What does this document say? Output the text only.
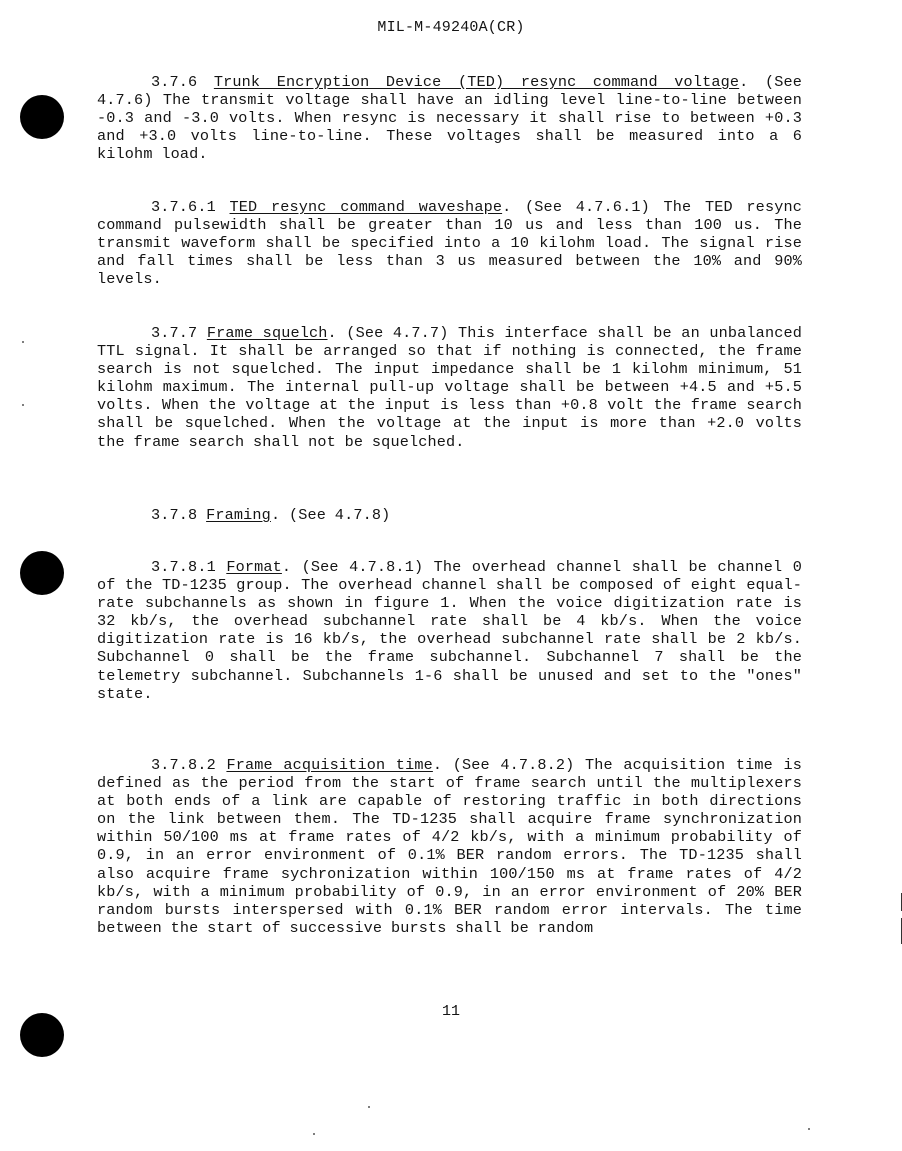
MIL-M-49240A(CR)

3.7.6 Trunk Encryption Device (TED) resync command voltage. (See 4.7.6) The transmit voltage shall have an idling level line-to-line between -0.3 and -3.0 volts. When resync is necessary it shall rise to between +0.3 and +3.0 volts line-to-line. These voltages shall be measured into a 6 kilohm load.

3.7.6.1 TED resync command waveshape. (See 4.7.6.1) The TED resync command pulsewidth shall be greater than 10 us and less than 100 us. The transmit waveform shall be specified into a 10 kilohm load. The signal rise and fall times shall be less than 3 us measured between the 10% and 90% levels.

3.7.7 Frame squelch. (See 4.7.7) This interface shall be an unbalanced TTL signal. It shall be arranged so that if nothing is connected, the frame search is not squelched. The input impedance shall be 1 kilohm minimum, 51 kilohm maximum. The internal pull-up voltage shall be between +4.5 and +5.5 volts. When the voltage at the input is less than +0.8 volt the frame search shall be squelched. When the voltage at the input is more than +2.0 volts the frame search shall not be squelched.

3.7.8 Framing. (See 4.7.8)

3.7.8.1 Format. (See 4.7.8.1) The overhead channel shall be channel 0 of the TD-1235 group. The overhead channel shall be composed of eight equal-rate subchannels as shown in figure 1. When the voice digitization rate is 32 kb/s, the overhead subchannel rate shall be 4 kb/s. When the voice digitization rate is 16 kb/s, the overhead subchannel rate shall be 2 kb/s. Subchannel 0 shall be the frame subchannel. Subchannel 7 shall be the telemetry subchannel. Subchannels 1-6 shall be unused and set to the "ones" state.

3.7.8.2 Frame acquisition time. (See 4.7.8.2) The acquisition time is defined as the period from the start of frame search until the multiplexers at both ends of a link are capable of restoring traffic in both directions on the link between them. The TD-1235 shall acquire frame synchronization within 50/100 ms at frame rates of 4/2 kb/s, with a minimum probability of 0.9, in an error environment of 0.1% BER random errors. The TD-1235 shall also acquire frame sychronization within 100/150 ms at frame rates of 4/2 kb/s, with a minimum probability of 0.9, in an error environment of 20% BER random bursts interspersed with 0.1% BER random error intervals. The time between the start of successive bursts shall be random

11
